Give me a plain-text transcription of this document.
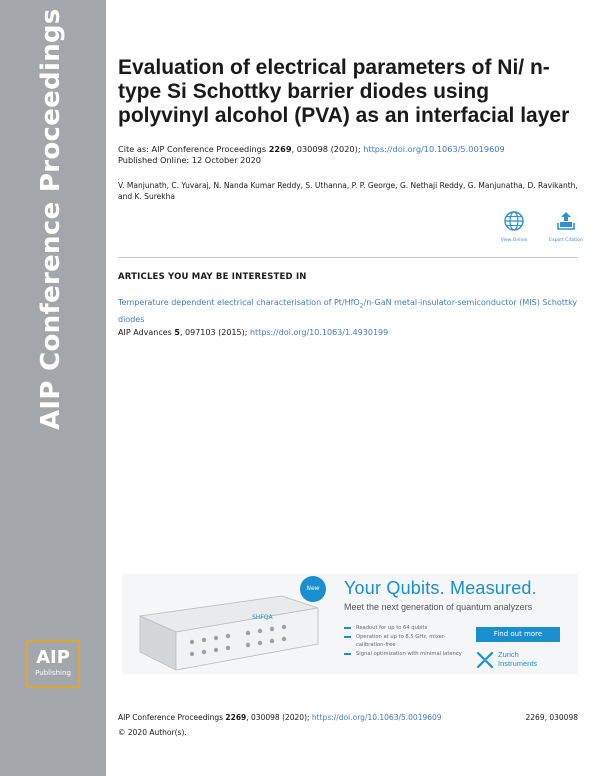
AIP Conference Proceedings
AIP
Publishing
Evaluation of electrical parameters of Ni/ n-type Si Schottky barrier diodes using polyvinyl alcohol (PVA) as an interfacial layer
Cite as: AIP Conference Proceedings 2269, 030098 (2020); https://doi.org/10.1063/5.0019609
Published Online: 12 October 2020
V. Manjunath, C. Yuvaraj, N. Nanda Kumar Reddy, S. Uthanna, P. P. George, G. Nethaji Reddy, G. Manjunatha, D. Ravikanth, and K. Surekha
View Online	Export Citation
ARTICLES YOU MAY BE INTERESTED IN
Temperature dependent electrical characterisation of Pt/HfO$_2$/n-GaN metal-insulator-semiconductor (MIS) Schottky diodes
AIP Advances 5, 097103 (2015); https://doi.org/10.1063/1.4930199
SHFQA
New	Your Qubits. Measured.
Meet the next generation of quantum analyzers
Readout for up to 64 qubits
Operation at up to 8.5 GHz, mixer-calibration-free
Signal optimization with minimal latency
Find out more
Zurich
Instruments
AIP Conference Proceedings 2269, 030098 (2020); https://doi.org/10.1063/5.0019609	2269, 030098
© 2020 Author(s).
